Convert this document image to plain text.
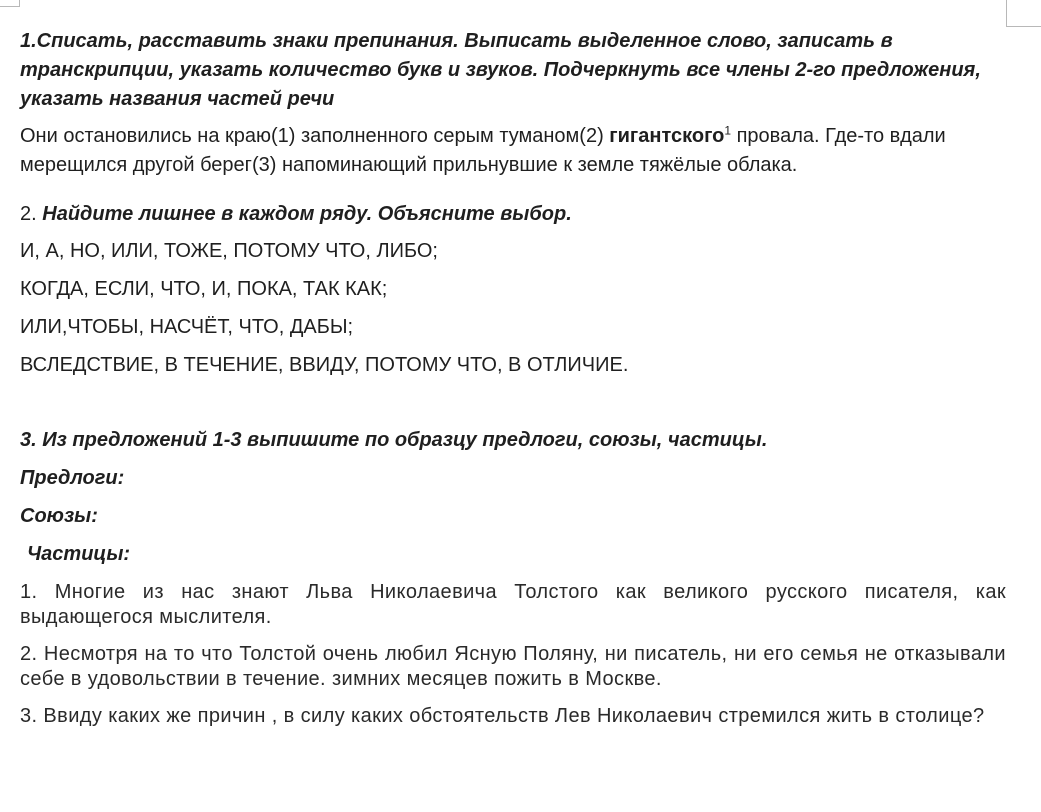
1.Списать, расставить знаки препинания. Выписать выделенное слово, записать в транскрипции, указать количество букв и звуков. Подчеркнуть все члены 2-го предложения, указать названия частей речи

Они остановились на краю(1) заполненного серым туманом(2) гигантского$^1$ провала. Где-то вдали мерещился другой берег(3) напоминающий прильнувшие к земле тяжёлые облака.

2. Найдите лишнее в каждом ряду. Объясните выбор.

И, А, НО, ИЛИ, ТОЖЕ, ПОТОМУ ЧТО, ЛИБО;

КОГДА, ЕСЛИ, ЧТО, И, ПОКА, ТАК КАК;

ИЛИ,ЧТОБЫ, НАСЧЁТ, ЧТО, ДАБЫ;

ВСЛЕДСТВИЕ, В ТЕЧЕНИЕ, ВВИДУ, ПОТОМУ ЧТО, В ОТЛИЧИЕ.

3. Из предложений 1-3 выпишите по образцу предлоги, союзы, частицы.

Предлоги:

Союзы:

Частицы:

1. Многие из нас знают Льва Николаевича Толстого как великого русского писателя, как выдающегося мыслителя.

2. Несмотря на то что Толстой очень любил Ясную Поляну, ни писатель, ни его семья не отказывали себе в удовольствии в течение. зимних месяцев пожить в Москве.

3. Ввиду каких же причин , в силу каких обстоятельств Лев Николаевич стремился жить в столице?
